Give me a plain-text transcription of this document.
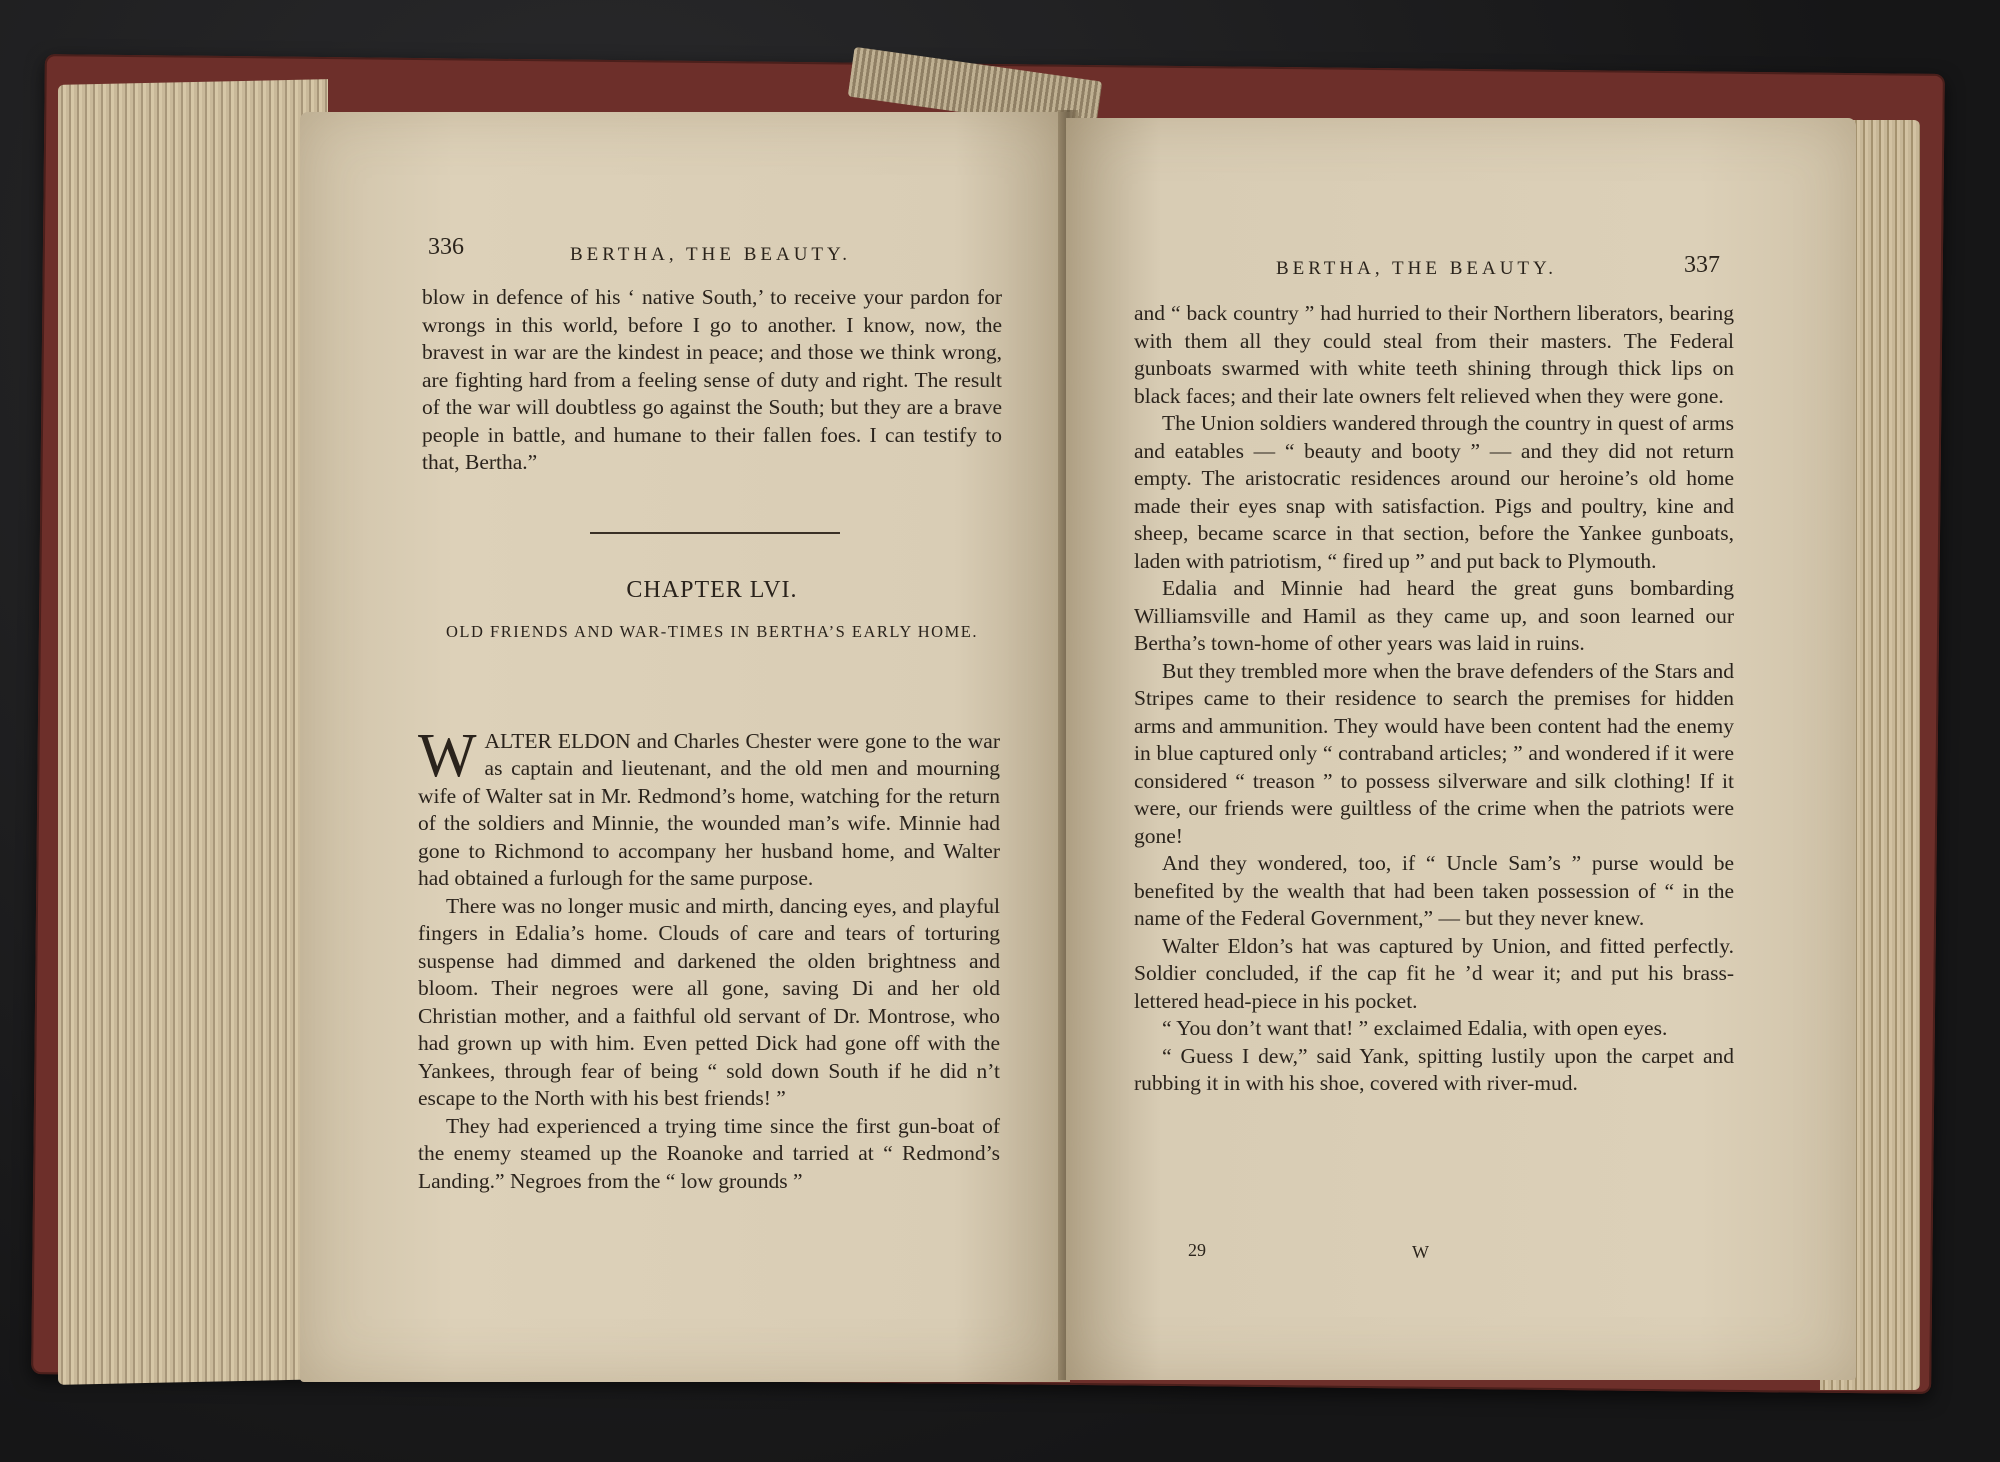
336	BERTHA, THE BEAUTY.

blow in defence of his ‘ native South,’ to receive your pardon for wrongs in this world, before I go to another. I know, now, the bravest in war are the kindest in peace; and those we think wrong, are fighting hard from a feeling sense of duty and right. The result of the war will doubtless go against the South; but they are a brave people in battle, and humane to their fallen foes. I can testify to that, Bertha.”

CHAPTER LVI.
OLD FRIENDS AND WAR-TIMES IN BERTHA’S EARLY HOME.

WALTER ELDON and Charles Chester were gone to the war as captain and lieutenant, and the old men and mourning wife of Walter sat in Mr. Redmond’s home, watching for the return of the soldiers and Minnie, the wounded man’s wife. Minnie had gone to Richmond to accompany her husband home, and Walter had obtained a furlough for the same purpose.

There was no longer music and mirth, dancing eyes, and playful fingers in Edalia’s home. Clouds of care and tears of torturing suspense had dimmed and darkened the olden brightness and bloom. Their negroes were all gone, saving Di and her old Christian mother, and a faithful old servant of Dr. Montrose, who had grown up with him. Even petted Dick had gone off with the Yankees, through fear of being “ sold down South if he did n’t escape to the North with his best friends! ”

They had experienced a trying time since the first gun-boat of the enemy steamed up the Roanoke and tarried at “ Redmond’s Landing.” Negroes from the “ low grounds ”

BERTHA, THE BEAUTY.	337

and “ back country ” had hurried to their Northern liberators, bearing with them all they could steal from their masters. The Federal gunboats swarmed with white teeth shining through thick lips on black faces; and their late owners felt relieved when they were gone.

The Union soldiers wandered through the country in quest of arms and eatables — “ beauty and booty ” — and they did not return empty. The aristocratic residences around our heroine’s old home made their eyes snap with satisfaction. Pigs and poultry, kine and sheep, became scarce in that section, before the Yankee gunboats, laden with patriotism, “ fired up ” and put back to Plymouth.

Edalia and Minnie had heard the great guns bombarding Williamsville and Hamil as they came up, and soon learned our Bertha’s town-home of other years was laid in ruins.

But they trembled more when the brave defenders of the Stars and Stripes came to their residence to search the premises for hidden arms and ammunition. They would have been content had the enemy in blue captured only “ contraband articles; ” and wondered if it were considered “ treason ” to possess silverware and silk clothing! If it were, our friends were guiltless of the crime when the patriots were gone!

And they wondered, too, if “ Uncle Sam’s ” purse would be benefited by the wealth that had been taken possession of “ in the name of the Federal Government,” — but they never knew.

Walter Eldon’s hat was captured by Union, and fitted perfectly. Soldier concluded, if the cap fit he ’d wear it; and put his brass-lettered head-piece in his pocket.

“ You don’t want that! ” exclaimed Edalia, with open eyes.

“ Guess I dew,” said Yank, spitting lustily upon the carpet and rubbing it in with his shoe, covered with river-mud.

29	W
